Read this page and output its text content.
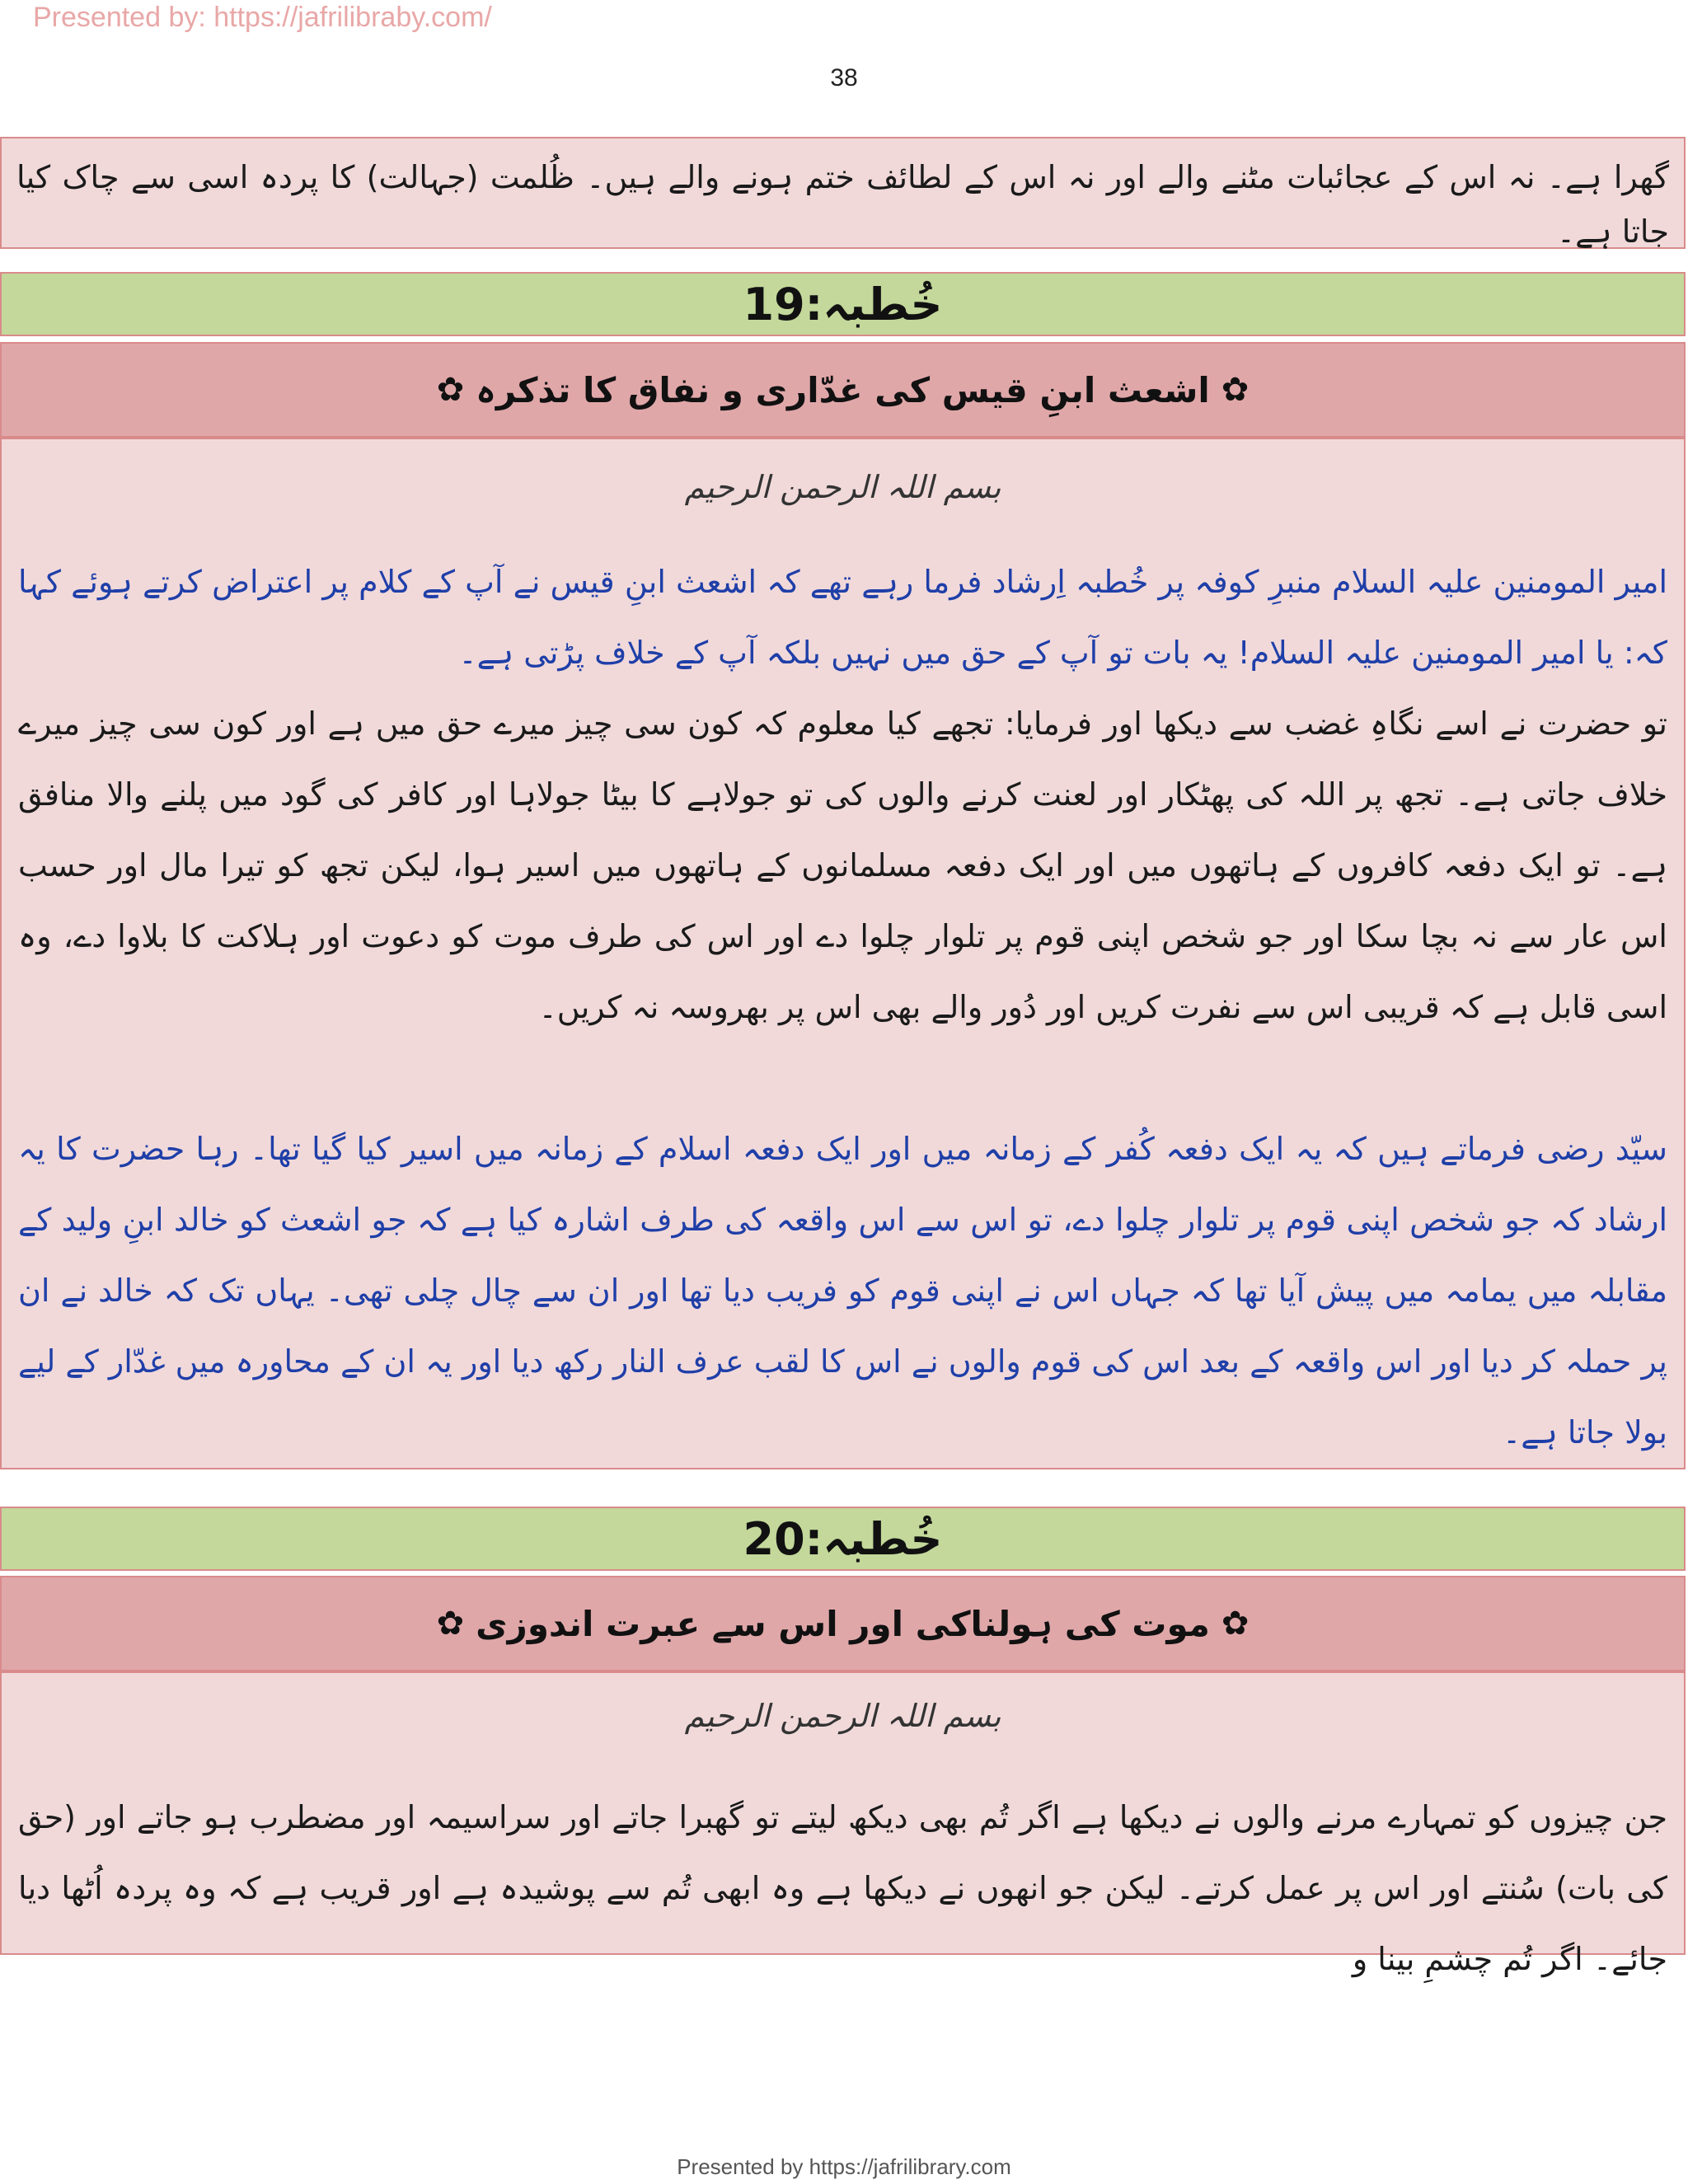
Presented by: https://jafrilibraby.com/
38
گھرا ہے۔ نہ اس کے عجائبات مٹنے والے اور نہ اس کے لطائف ختم ہونے والے ہیں۔ ظُلمت (جہالت) کا پردہ اسی سے چاک کیا جاتا ہے۔
خُطبہ:19
✿
اشعث ابنِ قیس کی غدّاری و نفاق کا تذکرہ
✿
بسم اللہ الرحمن الرحیم
امیر المومنین علیہ السلام منبرِ کوفہ پر خُطبہ اِرشاد فرما رہے تھے کہ اشعث ابنِ قیس نے آپ کے کلام پر اعتراض کرتے ہوئے کہا کہ: یا امیر المومنین علیہ السلام! یہ بات تو آپ کے حق میں نہیں بلکہ آپ کے خلاف پڑتی ہے۔
تو حضرت نے اسے نگاہِ غضب سے دیکھا اور فرمایا: تجھے کیا معلوم کہ کون سی چیز میرے حق میں ہے اور کون سی چیز میرے خلاف جاتی ہے۔ تجھ پر اللہ کی پھٹکار اور لعنت کرنے والوں کی تو جولاہے کا بیٹا جولاہا اور کافر کی گود میں پلنے والا منافق ہے۔ تو ایک دفعہ کافروں کے ہاتھوں میں اور ایک دفعہ مسلمانوں کے ہاتھوں میں اسیر ہوا، لیکن تجھ کو تیرا مال اور حسب اس عار سے نہ بچا سکا اور جو شخص اپنی قوم پر تلوار چلوا دے اور اس کی طرف موت کو دعوت اور ہلاکت کا بلاوا دے، وہ اسی قابل ہے کہ قریبی اس سے نفرت کریں اور دُور والے بھی اس پر بھروسہ نہ کریں۔
سیّد رضی فرماتے ہیں کہ یہ ایک دفعہ کُفر کے زمانہ میں اور ایک دفعہ اسلام کے زمانہ میں اسیر کیا گیا تھا۔ رہا حضرت کا یہ ارشاد کہ جو شخص اپنی قوم پر تلوار چلوا دے، تو اس سے اس واقعہ کی طرف اشارہ کیا ہے کہ جو اشعث کو خالد ابنِ ولید کے مقابلہ میں یمامہ میں پیش آیا تھا کہ جہاں اس نے اپنی قوم کو فریب دیا تھا اور ان سے چال چلی تھی۔ یہاں تک کہ خالد نے ان پر حملہ کر دیا اور اس واقعہ کے بعد اس کی قوم والوں نے اس کا لقب عرف النار رکھ دیا اور یہ ان کے محاورہ میں غدّار کے لیے بولا جاتا ہے۔
خُطبہ:20
✿
موت کی ہولناکی اور اس سے عبرت اندوزی
✿
بسم اللہ الرحمن الرحیم
جن چیزوں کو تمہارے مرنے والوں نے دیکھا ہے اگر تُم بھی دیکھ لیتے تو گھبرا جاتے اور سراسیمہ اور مضطرب ہو جاتے اور (حق کی بات) سُنتے اور اس پر عمل کرتے۔ لیکن جو انھوں نے دیکھا ہے وہ ابھی تُم سے پوشیدہ ہے اور قریب ہے کہ وہ پردہ اُٹھا دیا جائے۔ اگر تُم چشمِ بینا و
Presented by https://jafrilibrary.com
